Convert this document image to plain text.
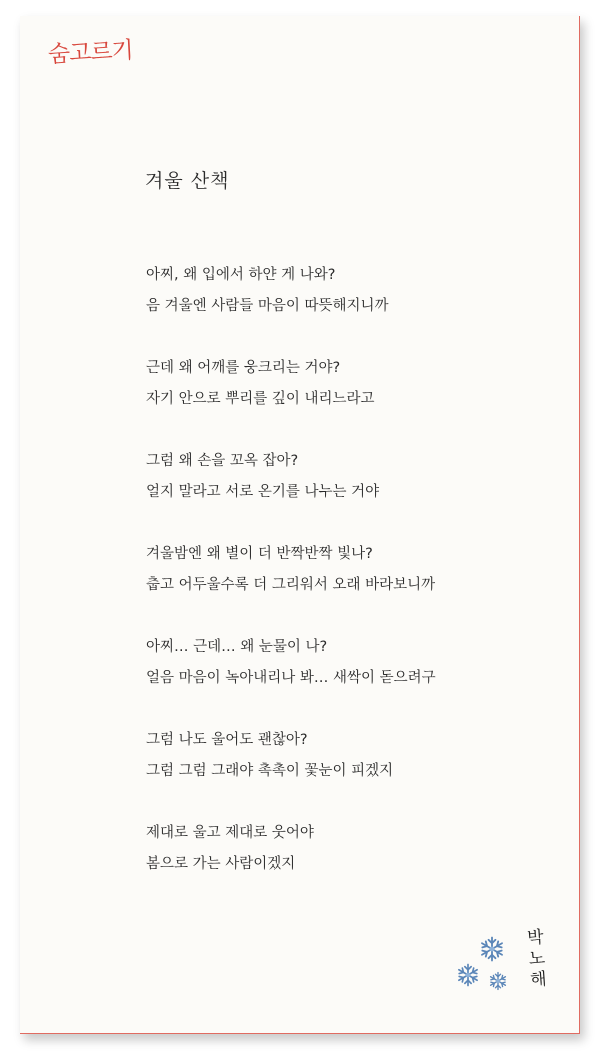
숨고르기
겨울 산책
아찌, 왜 입에서 하얀 게 나와?
음 겨울엔 사람들 마음이 따뜻해지니까
근데 왜 어깨를 웅크리는 거야?
자기 안으로 뿌리를 깊이 내리느라고
그럼 왜 손을 꼬옥 잡아?
얼지 말라고 서로 온기를 나누는 거야
겨울밤엔 왜 별이 더 반짝반짝 빛나?
춥고 어두울수록 더 그리워서 오래 바라보니까
아찌… 근데… 왜 눈물이 나?
얼음 마음이 녹아내리나 봐… 새싹이 돋으려구
그럼 나도 울어도 괜찮아?
그럼 그럼 그래야 촉촉이 꽃눈이 피겠지
제대로 울고 제대로 웃어야
봄으로 가는 사람이겠지
박
노
해
